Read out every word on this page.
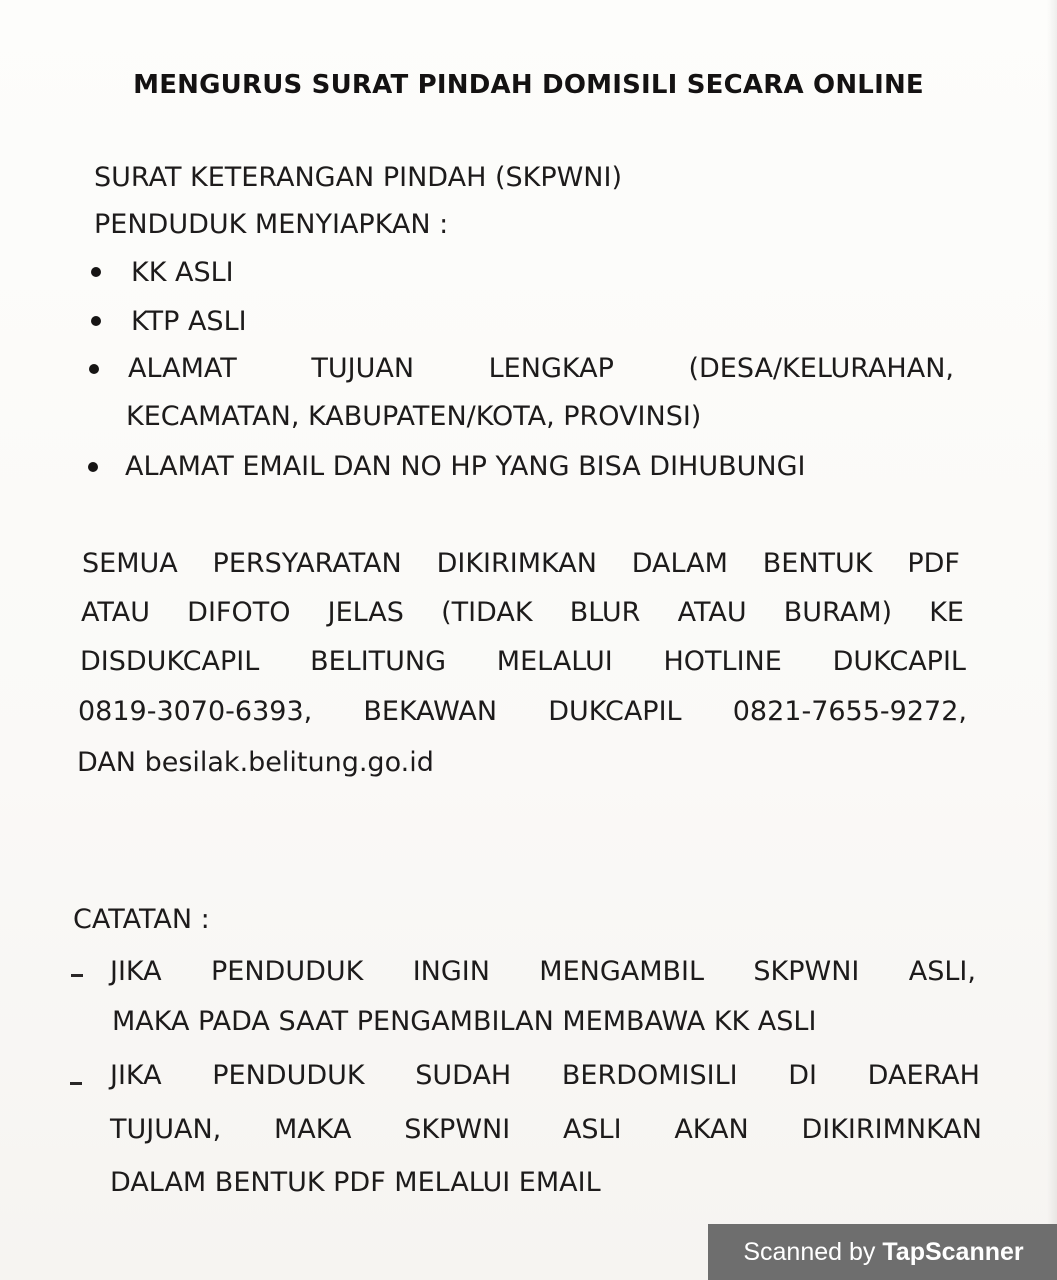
MENGURUS SURAT PINDAH DOMISILI SECARA ONLINE
SURAT KETERANGAN PINDAH (SKPWNI)
PENDUDUK MENYIAPKAN :
KK ASLI
KTP ASLI
ALAMAT	TUJUAN	LENGKAP	(DESA/KELURAHAN,
KECAMATAN, KABUPATEN/KOTA, PROVINSI)
ALAMAT EMAIL DAN NO HP YANG BISA DIHUBUNGI
SEMUA PERSYARATAN DIKIRIMKAN DALAM BENTUK PDF
ATAU DIFOTO JELAS (TIDAK BLUR ATAU BURAM) KE
DISDUKCAPIL BELITUNG MELALUI HOTLINE DUKCAPIL
0819-3070-6393, BEKAWAN DUKCAPIL 0821-7655-9272,
DAN besilak.belitung.go.id
CATATAN :
JIKA PENDUDUK INGIN MENGAMBIL SKPWNI ASLI,
MAKA PADA SAAT PENGAMBILAN MEMBAWA KK ASLI
JIKA PENDUDUK SUDAH BERDOMISILI DI DAERAH
TUJUAN, MAKA SKPWNI ASLI AKAN DIKIRIMNKAN
DALAM BENTUK PDF MELALUI EMAIL
Scanned by TapScanner
